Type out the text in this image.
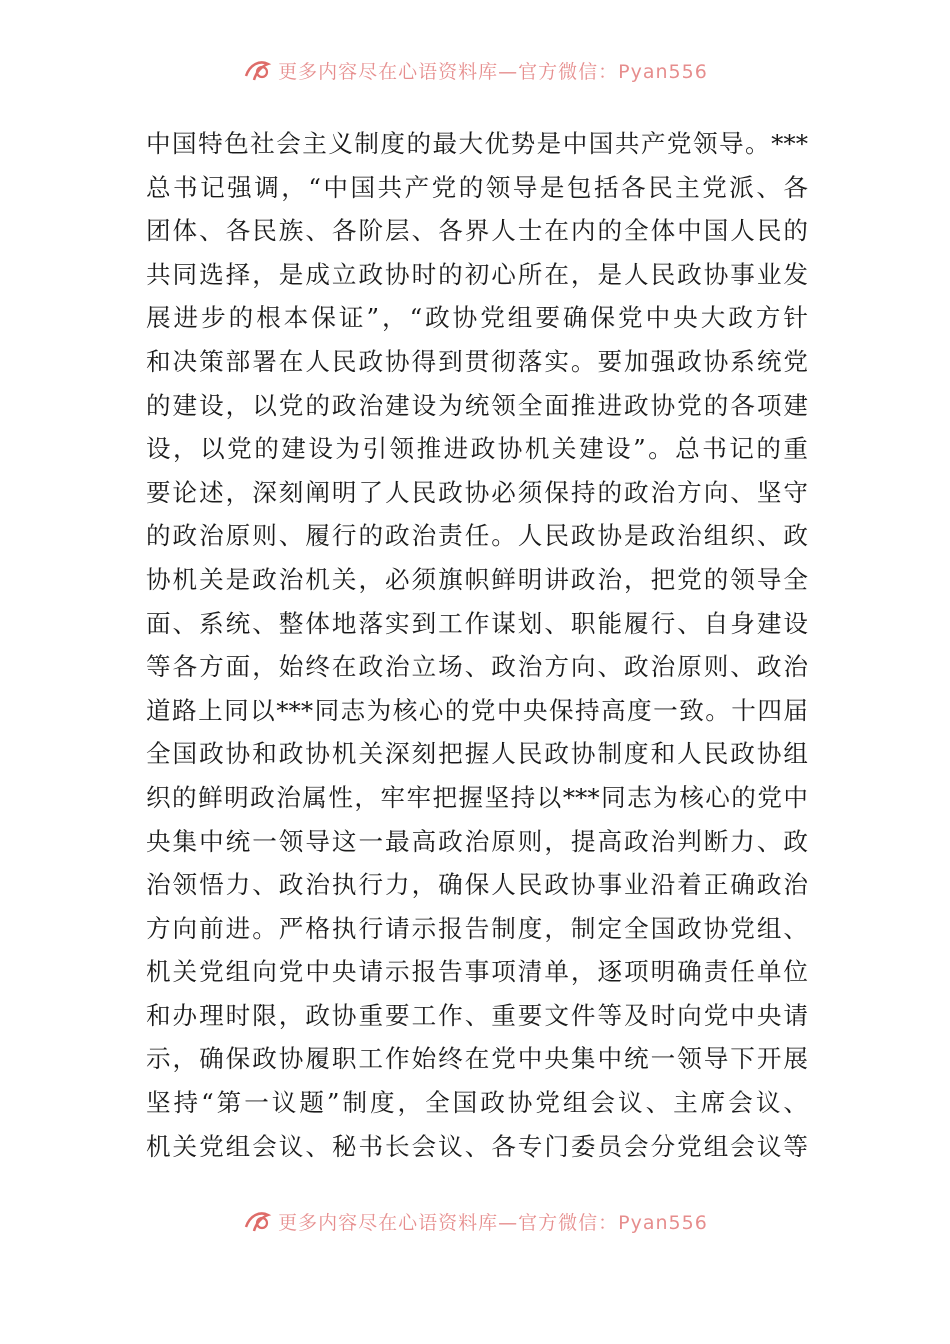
更多内容尽在心语资料库—官方微信：Pyan556
中国特色社会主义制度的最大优势是中国共产党领导。***
总书记强调，“中国共产党的领导是包括各民主党派、各
团体、各民族、各阶层、各界人士在内的全体中国人民的
共同选择，是成立政协时的初心所在，是人民政协事业发
展进步的根本保证”，“政协党组要确保党中央大政方针
和决策部署在人民政协得到贯彻落实。要加强政协系统党
的建设，以党的政治建设为统领全面推进政协党的各项建
设，以党的建设为引领推进政协机关建设”。总书记的重
要论述，深刻阐明了人民政协必须保持的政治方向、坚守
的政治原则、履行的政治责任。人民政协是政治组织、政
协机关是政治机关，必须旗帜鲜明讲政治，把党的领导全
面、系统、整体地落实到工作谋划、职能履行、自身建设
等各方面，始终在政治立场、政治方向、政治原则、政治
道路上同以***同志为核心的党中央保持高度一致。十四届
全国政协和政协机关深刻把握人民政协制度和人民政协组
织的鲜明政治属性，牢牢把握坚持以***同志为核心的党中
央集中统一领导这一最高政治原则，提高政治判断力、政
治领悟力、政治执行力，确保人民政协事业沿着正确政治
方向前进。严格执行请示报告制度，制定全国政协党组、
机关党组向党中央请示报告事项清单，逐项明确责任单位
和办理时限，政协重要工作、重要文件等及时向党中央请
示，确保政协履职工作始终在党中央集中统一领导下开展
坚持“第一议题”制度，全国政协党组会议、主席会议、
机关党组会议、秘书长会议、各专门委员会分党组会议等
更多内容尽在心语资料库—官方微信：Pyan556
